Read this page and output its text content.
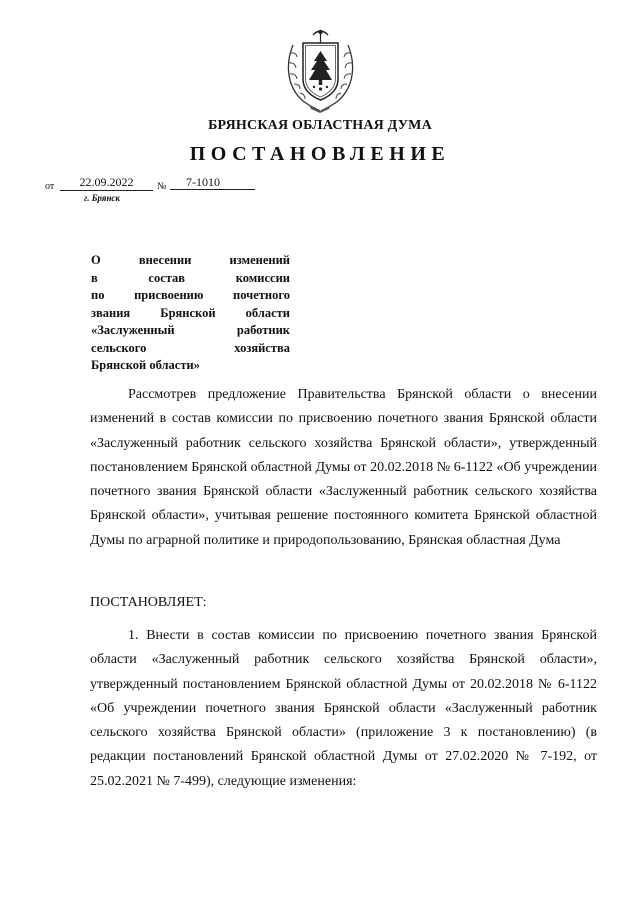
БРЯНСКАЯ ОБЛАСТНАЯ ДУМА
ПОСТАНОВЛЕНИЕ
от	22.09.2022	№	7-1010
г. Брянск
О внесении изменений
в состав комиссии
по присвоению почетного
звания Брянской области
«Заслуженный работник
сельского хозяйства
Брянской области»
Рассмотрев предложение Правительства Брянской области о внесении изменений в состав комиссии по присвоению почетного звания Брянской области «Заслуженный работник сельского хозяйства Брянской области», утвержденный постановлением Брянской областной Думы от 20.02.2018 № 6-1122 «Об учреждении почетного звания Брянской области «Заслуженный работник сельского хозяйства Брянской области», учитывая решение постоянного комитета Брянской областной Думы по аграрной политике и природопользованию, Брянская областная Дума
ПОСТАНОВЛЯЕТ:
1. Внести в состав комиссии по присвоению почетного звания Брянской области «Заслуженный работник сельского хозяйства Брянской области», утвержденный постановлением Брянской областной Думы от 20.02.2018 № 6-1122 «Об учреждении почетного звания Брянской области «Заслуженный работник сельского хозяйства Брянской области» (приложение 3 к постановлению) (в редакции постановлений Брянской областной Думы от 27.02.2020 № 7-192, от 25.02.2021 № 7-499), следующие изменения:
